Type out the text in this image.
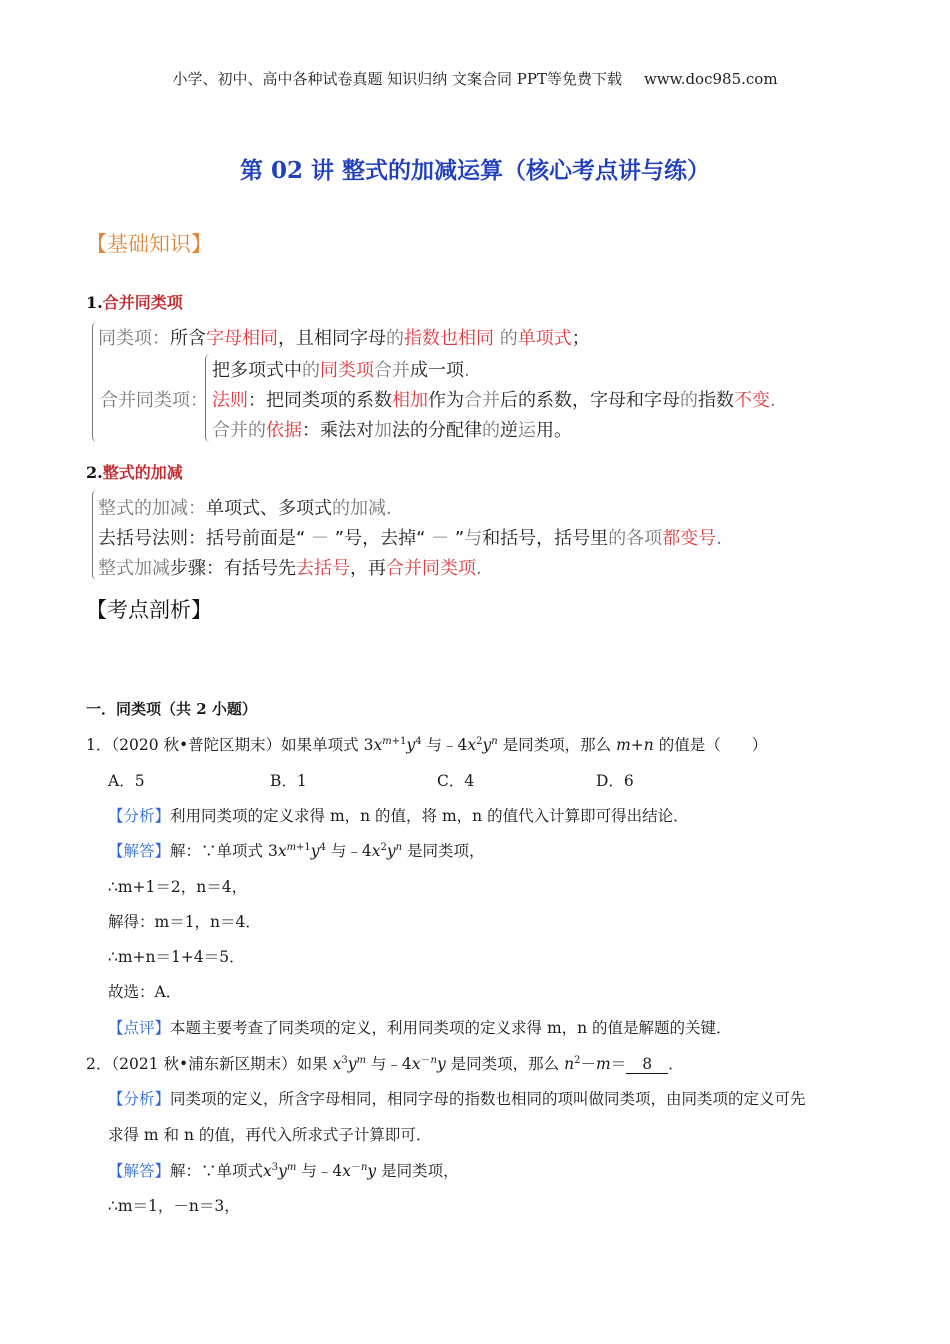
小学、初中、高中各种试卷真题 知识归纳 文案合同 PPT等免费下载 www.doc985.com
第 02 讲 整式的加减运算（核心考点讲与练）
【基础知识】
1.合并同类项
同类项：所含字母相同，且相同字母的指数也相同 的单项式；
把多项式中的同类项合并成一项.
合并同类项： 法则：把同类项的系数相加作为合并后的系数，字母和字母的指数不变.
合并的依据：乘法对加法的分配律的逆运用。
2.整式的加减
整式的加减：单项式、多项式的加减.
去括号法则：括号前面是“ － ”号，去掉“ － ”与和括号，括号里的各项都变号.
整式加减步骤：有括号先去括号，再合并同类项.
【考点剖析】
一．同类项（共 2 小题）
1．（2020 秋•普陀区期末）如果单项式 $3x^{m+1}y^4$ 与$﹣4x^2y^n$ 是同类项，那么 m+n 的值是（　　）
A．5	B．1	C．4	D．6
【分析】利用同类项的定义求得 m，n 的值，将 m，n 的值代入计算即可得出结论．
【解答】解：∵单项式 $3x^{m+1}y^4$ 与$﹣4x^2y^n$ 是同类项，
∴m+1＝2，n＝4，
解得：m＝1，n＝4．
∴m+n＝1+4＝5．
故选：A．
【点评】本题主要考查了同类项的定义，利用同类项的定义求得 m，n 的值是解题的关键．
2．（2021 秋•浦东新区期末）如果 $x^3y^m$ 与$﹣4x^{-n}y$ 是同类项，那么 $n^2-m= 8$ ．
【分析】同类项的定义，所含字母相同，相同字母的指数也相同的项叫做同类项，由同类项的定义可先
求得 m 和 n 的值，再代入所求式子计算即可．
【解答】解：∵单项式$x^3y^m$ 与$﹣4x^{-n}y$ 是同类项，
∴m＝1，－n＝3，
